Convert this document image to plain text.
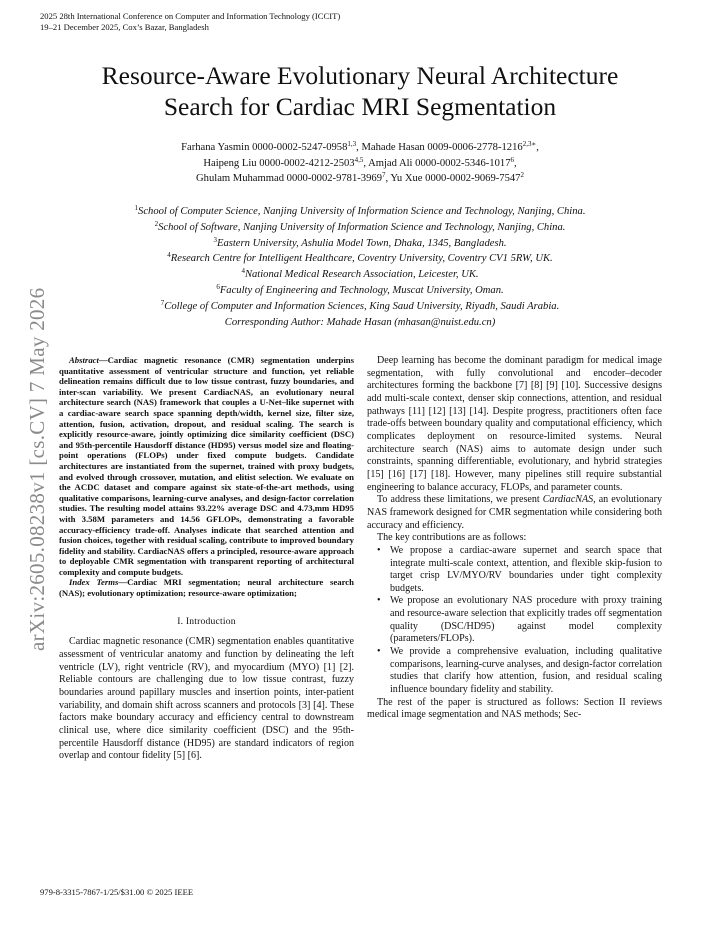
2025 28th International Conference on Computer and Information Technology (ICCIT)
19–21 December 2025, Cox’s Bazar, Bangladesh
arXiv:2605.08238v1 [cs.CV] 7 May 2026
Resource-Aware Evolutionary Neural Architecture
Search for Cardiac MRI Segmentation
Farhana Yasmin 0000-0002-5247-0958$^{1,3}$, Mahade Hasan $0009-0006-2778-1216^{2,3∗}$,
Haipeng Liu 0000-0002-4212-2503$^{4,5}$, Amjad Ali 0000-0002-5346-1017$^6$,
Ghulam Muhammad 0000-0002-9781-3969$^7$, Yu Xue 0000-0002-9069-7547$^2$
$^1$School of Computer Science, Nanjing University of Information Science and Technology, Nanjing, China.
$^2$School of Software, Nanjing University of Information Science and Technology, Nanjing, China.
$^3$Eastern University, Ashulia Model Town, Dhaka, 1345, Bangladesh.
$^4$Research Centre for Intelligent Healthcare, Coventry University, Coventry CV1 5RW, UK.
$^4$National Medical Research Association, Leicester, UK.
$^6$Faculty of Engineering and Technology, Muscat University, Oman.
$^7$College of Computer and Information Sciences, King Saud University, Riyadh, Saudi Arabia.
Corresponding Author: Mahade Hasan (mhasan@nuist.edu.cn)

Abstract—Cardiac magnetic resonance (CMR) segmentation underpins quantitative assessment of ventricular structure and function, yet reliable delineation remains difficult due to low tissue contrast, fuzzy boundaries, and inter-scan variability. We present CardiacNAS, an evolutionary neural architecture search (NAS) framework that couples a U-Net–like supernet with a cardiac-aware search space spanning depth/width, kernel size, filter size, attention, fusion, activation, dropout, and residual scaling. The search is explicitly resource-aware, jointly optimizing dice similarity coefficient (DSC) and 95th-percentile Hausdorff distance (HD95) versus model size and floating-point operations (FLOPs) under fixed compute budgets. Candidate architectures are instantiated from the supernet, trained with proxy budgets, and evolved through crossover, mutation, and elitist selection. We evaluate on the ACDC dataset and compare against six state-of-the-art methods, using qualitative comparisons, learning-curve analyses, and design-factor correlation studies. The resulting model attains 93.22% average DSC and 4.73,mm HD95 with 3.58M parameters and 14.56 GFLOPs, demonstrating a favorable accuracy-efficiency trade-off. Analyses indicate that searched attention and fusion choices, together with residual scaling, contribute to improved boundary fidelity and stability. CardiacNAS offers a principled, resource-aware approach to deployable CMR segmentation with transparent reporting of architectural complexity and compute budgets.

Index Terms—Cardiac MRI segmentation; neural architecture search (NAS); evolutionary optimization; resource-aware optimization;

I. Introduction

Cardiac magnetic resonance (CMR) segmentation enables quantitative assessment of ventricular anatomy and function by delineating the left ventricle (LV), right ventricle (RV), and myocardium (MYO) [1] [2]. Reliable contours are challenging due to low tissue contrast, fuzzy boundaries around papillary muscles and insertion points, inter-patient variability, and domain shift across scanners and protocols [3] [4]. These factors make boundary accuracy and efficiency central to downstream clinical use, where dice similarity coefficient (DSC) and the 95th-percentile Hausdorff distance (HD95) are standard indicators of region overlap and contour fidelity [5] [6].

Deep learning has become the dominant paradigm for medical image segmentation, with fully convolutional and encoder–decoder architectures forming the backbone [7] [8] [9] [10]. Successive designs add multi-scale context, denser skip connections, attention, and residual pathways [11] [12] [13] [14]. Despite progress, practitioners often face trade-offs between boundary quality and computational efficiency, which complicates deployment on resource-limited systems. Neural architecture search (NAS) aims to automate design under such constraints, spanning differentiable, evolutionary, and hybrid strategies [15] [16] [17] [18]. However, many pipelines still require substantial engineering to balance accuracy, FLOPs, and parameter counts.

To address these limitations, we present CardiacNAS, an evolutionary NAS framework designed for CMR segmentation while considering both accuracy and efficiency.

The key contributions are as follows:

• We propose a cardiac-aware supernet and search space that integrate multi-scale context, attention, and flexible skip-fusion to target crisp LV/MYO/RV boundaries under tight complexity budgets.
• We propose an evolutionary NAS procedure with proxy training and resource-aware selection that explicitly trades off segmentation quality (DSC/HD95) against model complexity (parameters/FLOPs).
• We provide a comprehensive evaluation, including qualitative comparisons, learning-curve analyses, and design-factor correlation studies that clarify how attention, fusion, and residual scaling influence boundary fidelity and stability.

The rest of the paper is structured as follows: Section II reviews medical image segmentation and NAS methods; Sec-

979-8-3315-7867-1/25/$31.00 © 2025 IEEE
